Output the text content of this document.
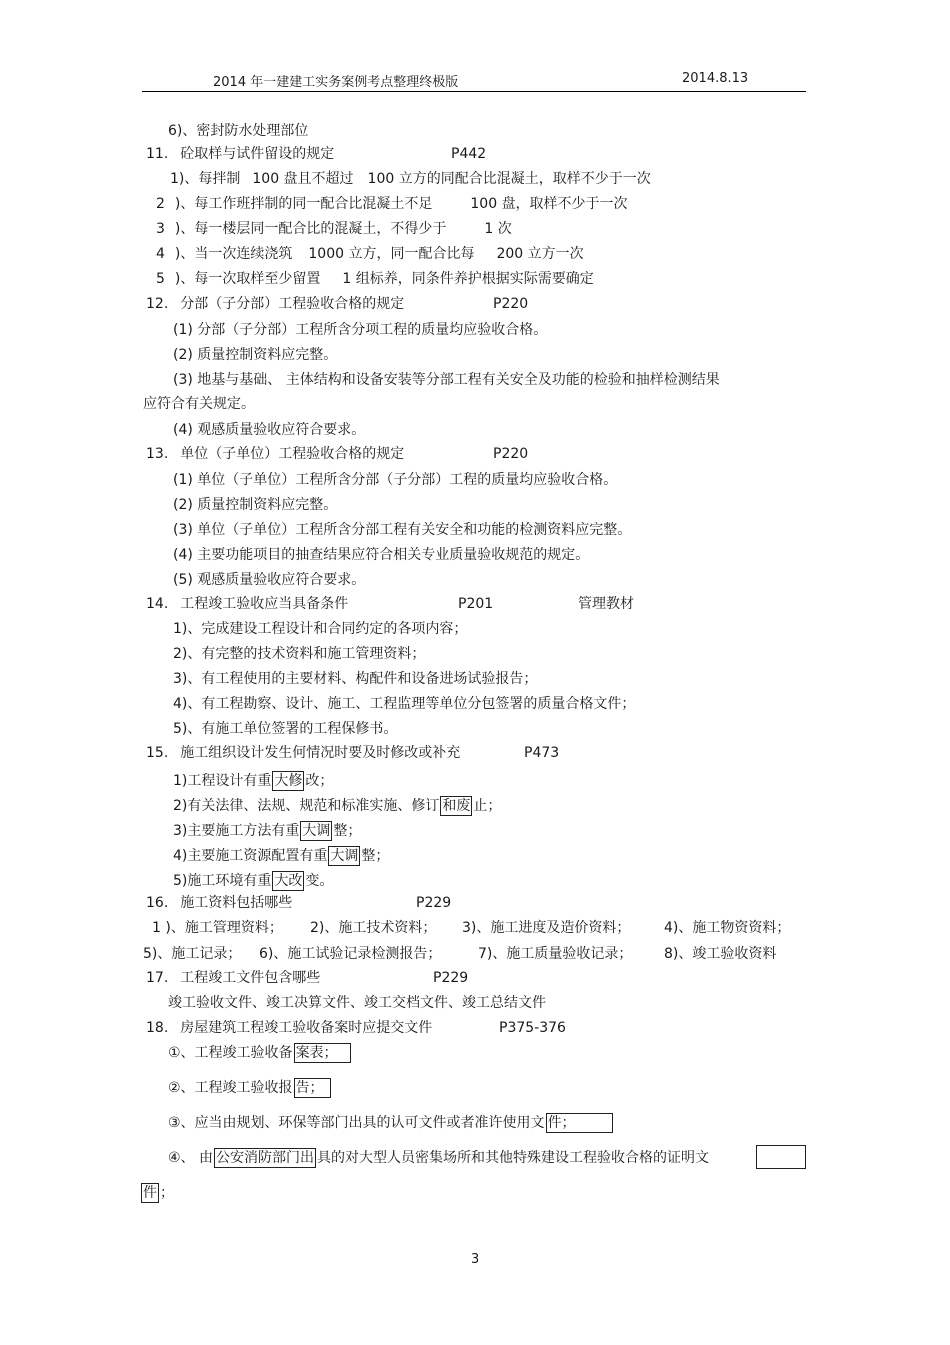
2014 年一建建工实务案例考点整理终极版	2014.8.13
6)、密封防水处理部位
11. 砼取样与试件留设的规定	P442
1)、每拌制 100 盘且不超过 100 立方的同配合比混凝土，取样不少于一次
2 )、每工作班拌制的同一配合比混凝土不足	100 盘，取样不少于一次
3 )、每一楼层同一配合比的混凝土，不得少于	1 次
4 )、当一次连续浇筑 1000 立方，同一配合比每 200 立方一次
5 )、每一次取样至少留置 1 组标养，同条件养护根据实际需要确定
12. 分部（子分部）工程验收合格的规定	P220
(1) 分部（子分部）工程所含分项工程的质量均应验收合格。
(2) 质量控制资料应完整。
(3) 地基与基础、 主体结构和设备安装等分部工程有关安全及功能的检验和抽样检测结果
应符合有关规定。
(4) 观感质量验收应符合要求。
13. 单位（子单位）工程验收合格的规定	P220
(1) 单位（子单位）工程所含分部（子分部）工程的质量均应验收合格。
(2) 质量控制资料应完整。
(3) 单位（子单位）工程所含分部工程有关安全和功能的检测资料应完整。
(4) 主要功能项目的抽查结果应符合相关专业质量验收规范的规定。
(5) 观感质量验收应符合要求。
14. 工程竣工验收应当具备条件	P201	管理教材
1)、完成建设工程设计和合同约定的各项内容；
2)、有完整的技术资料和施工管理资料；
3)、有工程使用的主要材料、构配件和设备进场试验报告；
4)、有工程勘察、设计、施工、工程监理等单位分包签署的质量合格文件；
5)、有施工单位签署的工程保修书。
15. 施工组织设计发生何情况时要及时修改或补充	P473
1)工程设计有重 大修 改；
2)有关法律、法规、规范和标准实施、修订 和废 止；
3)主要施工方法有重 大调 整；
4)主要施工资源配置有重 大调 整；
5)施工环境有重 大改 变。
16. 施工资料包括哪些	P229
1 )、施工管理资料； 2)、施工技术资料； 3)、施工进度及造价资料； 4)、施工物资资料；
5)、施工记录； 6)、施工试验记录检测报告；	7)、施工质量验收记录； 8)、竣工验收资料
17. 工程竣工文件包含哪些	P229
竣工验收文件、竣工决算文件、竣工交档文件、竣工总结文件
18. 房屋建筑工程竣工验收备案时应提交文件	P375-376
①、工程竣工验收备 案表；
②、工程竣工验收报 告；
③、应当由规划、环保等部门出具的认可文件或者准许使用文 件；
④、 由 公安消防部门出 具的对大型人员密集场所和其他特殊建设工程验收合格的证明文
件 ；
3
